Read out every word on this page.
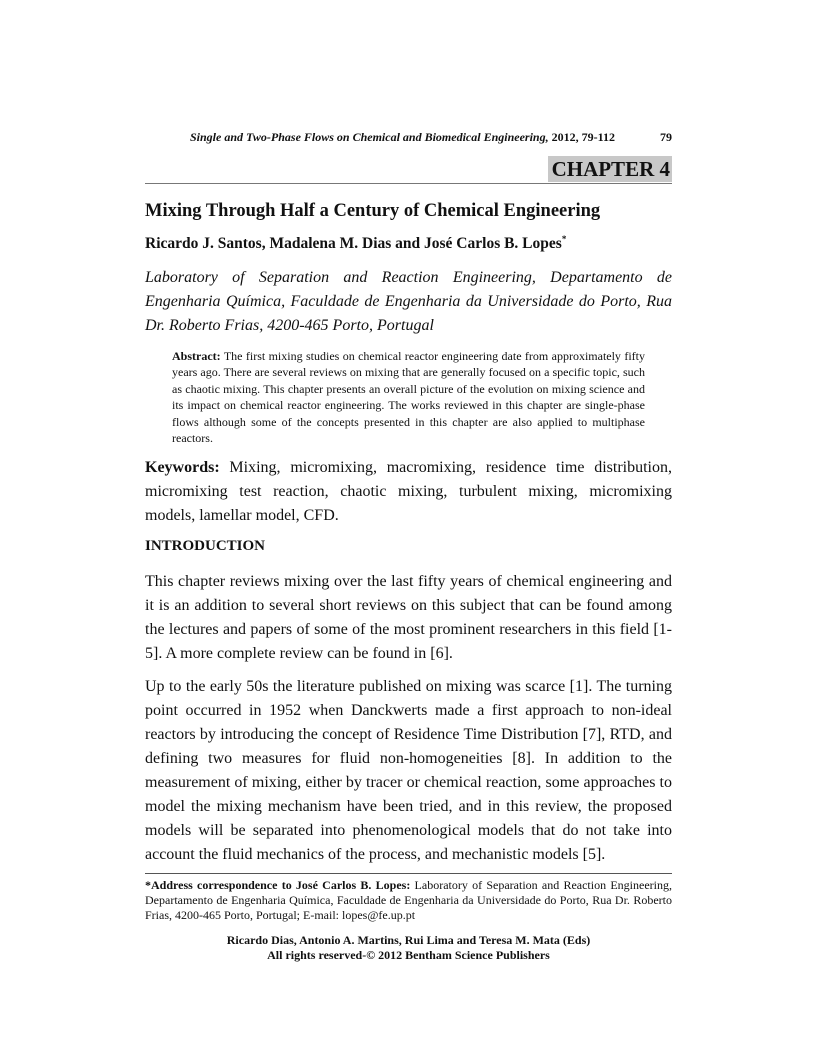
Single and Two-Phase Flows on Chemical and Biomedical Engineering, 2012, 79-112	79
CHAPTER 4
Mixing Through Half a Century of Chemical Engineering
Ricardo J. Santos, Madalena M. Dias and José Carlos B. Lopes*
Laboratory of Separation and Reaction Engineering, Departamento de Engenharia Química, Faculdade de Engenharia da Universidade do Porto, Rua Dr. Roberto Frias, 4200-465 Porto, Portugal
Abstract: The first mixing studies on chemical reactor engineering date from approximately fifty years ago. There are several reviews on mixing that are generally focused on a specific topic, such as chaotic mixing. This chapter presents an overall picture of the evolution on mixing science and its impact on chemical reactor engineering. The works reviewed in this chapter are single-phase flows although some of the concepts presented in this chapter are also applied to multiphase reactors.
Keywords: Mixing, micromixing, macromixing, residence time distribution, micromixing test reaction, chaotic mixing, turbulent mixing, micromixing models, lamellar model, CFD.
INTRODUCTION
This chapter reviews mixing over the last fifty years of chemical engineering and it is an addition to several short reviews on this subject that can be found among the lectures and papers of some of the most prominent researchers in this field [1-5]. A more complete review can be found in [6].
Up to the early 50s the literature published on mixing was scarce [1]. The turning point occurred in 1952 when Danckwerts made a first approach to non-ideal reactors by introducing the concept of Residence Time Distribution [7], RTD, and defining two measures for fluid non-homogeneities [8]. In addition to the measurement of mixing, either by tracer or chemical reaction, some approaches to model the mixing mechanism have been tried, and in this review, the proposed models will be separated into phenomenological models that do not take into account the fluid mechanics of the process, and mechanistic models [5].
*Address correspondence to José Carlos B. Lopes: Laboratory of Separation and Reaction Engineering, Departamento de Engenharia Química, Faculdade de Engenharia da Universidade do Porto, Rua Dr. Roberto Frias, 4200-465 Porto, Portugal; E-mail: lopes@fe.up.pt
Ricardo Dias, Antonio A. Martins, Rui Lima and Teresa M. Mata (Eds)
All rights reserved-© 2012 Bentham Science Publishers
